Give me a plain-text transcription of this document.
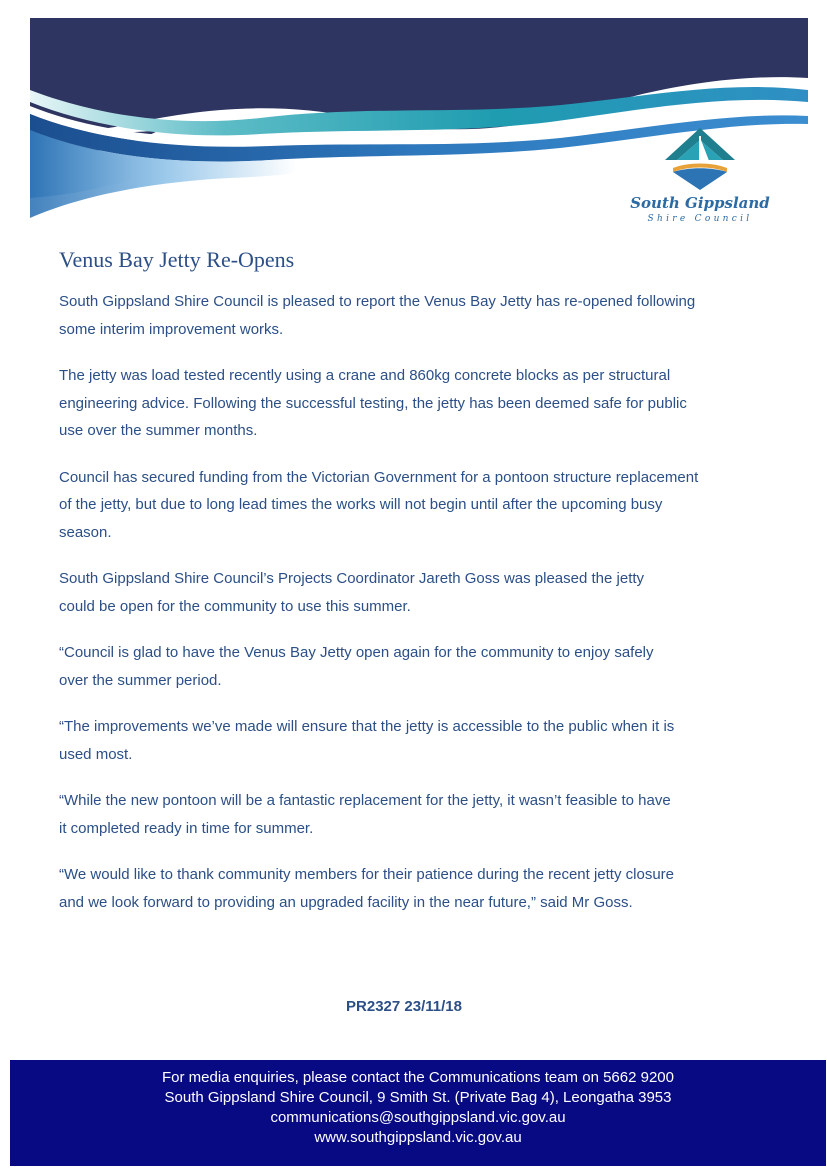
South Gippsland
Shire Council
Venus Bay Jetty Re-Opens

South Gippsland Shire Council is pleased to report the Venus Bay Jetty has re-opened following
some interim improvement works.

The jetty was load tested recently using a crane and 860kg concrete blocks as per structural
engineering advice. Following the successful testing, the jetty has been deemed safe for public
use over the summer months.

Council has secured funding from the Victorian Government for a pontoon structure replacement
of the jetty, but due to long lead times the works will not begin until after the upcoming busy
season.

South Gippsland Shire Council’s Projects Coordinator Jareth Goss was pleased the jetty
could be open for the community to use this summer.

“Council is glad to have the Venus Bay Jetty open again for the community to enjoy safely
over the summer period.

“The improvements we’ve made will ensure that the jetty is accessible to the public when it is
used most.

“While the new pontoon will be a fantastic replacement for the jetty, it wasn’t feasible to have
it completed ready in time for summer.

“We would like to thank community members for their patience during the recent jetty closure
and we look forward to providing an upgraded facility in the near future,” said Mr Goss.

PR2327 23/11/18
For media enquiries, please contact the Communications team on 5662 9200
South Gippsland Shire Council, 9 Smith St. (Private Bag 4), Leongatha 3953
communications@southgippsland.vic.gov.au
www.southgippsland.vic.gov.au
